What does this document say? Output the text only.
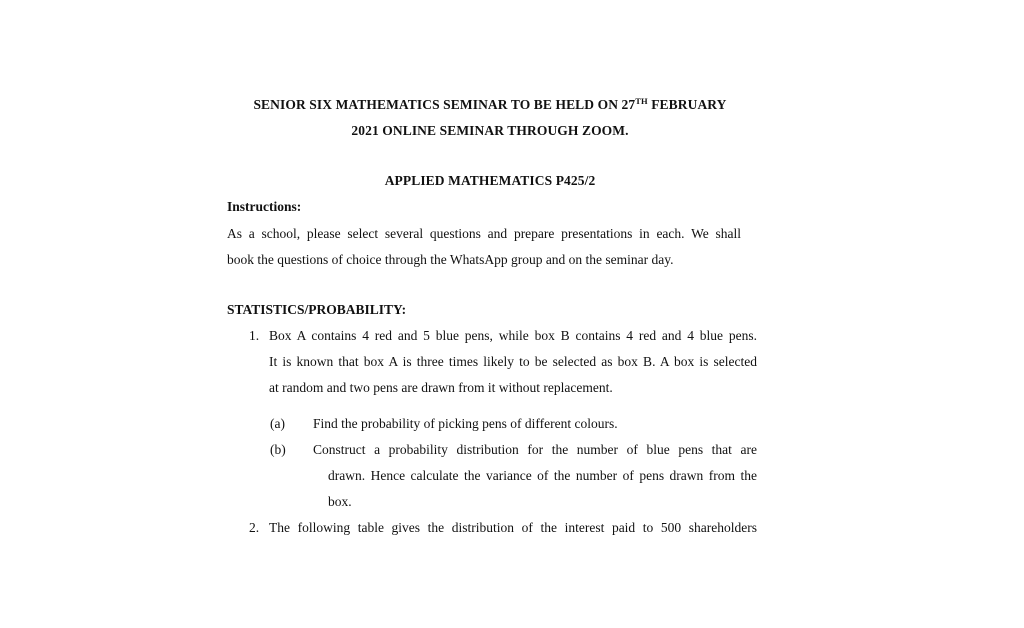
SENIOR SIX MATHEMATICS SEMINAR TO BE HELD ON 27TH FEBRUARY
2021 ONLINE SEMINAR THROUGH ZOOM.
APPLIED MATHEMATICS P425/2
Instructions:
As a school, please select several questions and prepare presentations in each. We shall
book the questions of choice through the WhatsApp group and on the seminar day.
STATISTICS/PROBABILITY:
1. Box A contains 4 red and 5 blue pens, while box B contains 4 red and 4 blue pens.
It is known that box A is three times likely to be selected as box B. A box is selected
at random and two pens are drawn from it without replacement.
(a) Find the probability of picking pens of different colours.
(b) Construct a probability distribution for the number of blue pens that are
drawn. Hence calculate the variance of the number of pens drawn from the
box.
2. The following table gives the distribution of the interest paid to 500 shareholders
